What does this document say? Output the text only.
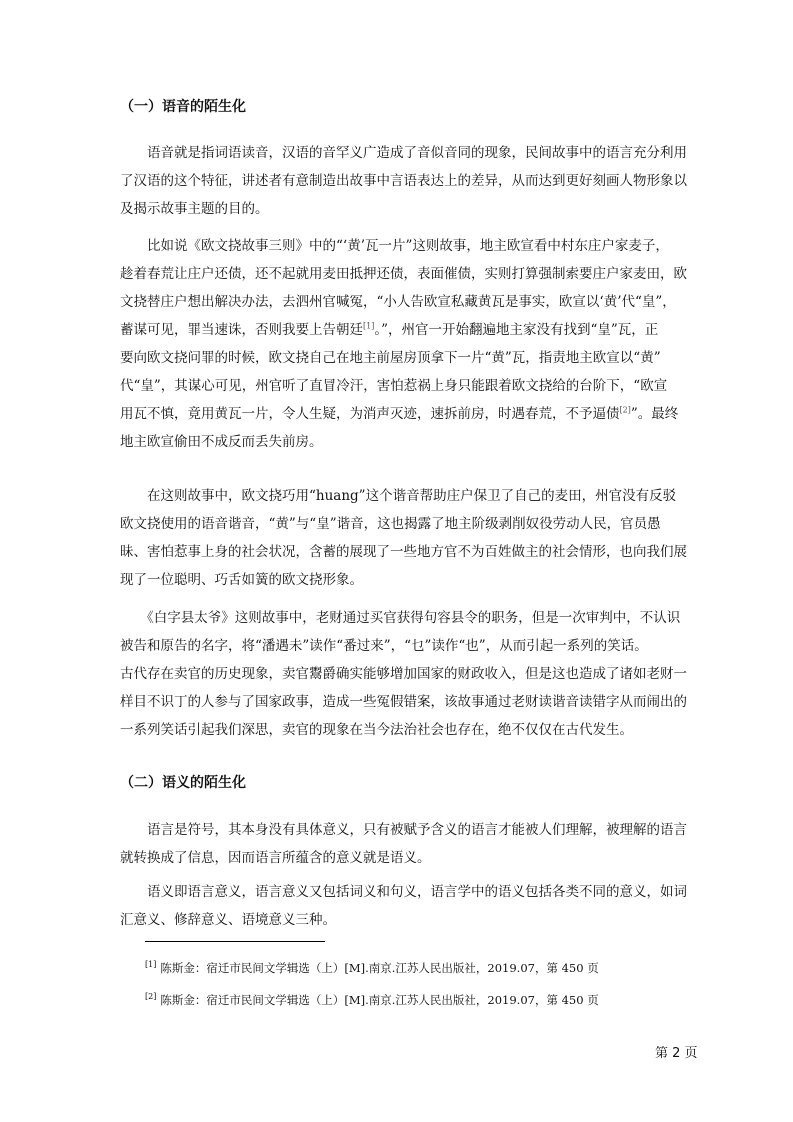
（一）语音的陌生化
　　语音就是指词语读音，汉语的音罕义广造成了音似音同的现象，民间故事中的语言充分利用
了汉语的这个特征，讲述者有意制造出故事中言语表达上的差异，从而达到更好刻画人物形象以
及揭示故事主题的目的。
　　比如说《欧文挠故事三则》中的“‘黄’瓦一片”这则故事，地主欧宣看中村东庄户家麦子，
趁着春荒让庄户还债，还不起就用麦田抵押还债，表面催债，实则打算强制索要庄户家麦田，欧
文挠替庄户想出解决办法，去泗州官喊冤，“小人告欧宣私藏黄瓦是事实，欧宣以‘黄’代“皇”，
蓄谋可见，罪当速诛，否则我要上告朝廷[1]。”，州官一开始翻遍地主家没有找到“皇”瓦，正
要向欧文挠问罪的时候，欧文挠自己在地主前屋房顶拿下一片“黄”瓦，指责地主欧宣以“黄”
代“皇”，其谋心可见，州官听了直冒冷汗，害怕惹祸上身只能跟着欧文挠给的台阶下，“欧宣
用瓦不慎，竟用黄瓦一片，令人生疑，为消声灭迹，速拆前房，时遇春荒，不予逼债[2]”。最终
地主欧宣偷田不成反而丢失前房。
　　在这则故事中，欧文挠巧用“huang”这个谐音帮助庄户保卫了自己的麦田，州官没有反驳
欧文挠使用的语音谐音，“黄”与“皇”谐音，这也揭露了地主阶级剥削奴役劳动人民，官员愚
昧、害怕惹事上身的社会状况，含蓄的展现了一些地方官不为百姓做主的社会情形，也向我们展
现了一位聪明、巧舌如簧的欧文挠形象。
　　《白字县太爷》这则故事中，老财通过买官获得句容县令的职务，但是一次审判中，不认识
被告和原告的名字，将“潘遇未”读作“番过来”，“乜”读作“也”，从而引起一系列的笑话。
古代存在卖官的历史现象，卖官鬻爵确实能够增加国家的财政收入，但是这也造成了诸如老财一
样目不识丁的人参与了国家政事，造成一些冤假错案，该故事通过老财读谐音读错字从而闹出的
一系列笑话引起我们深思，卖官的现象在当今法治社会也存在，绝不仅仅在古代发生。
（二）语义的陌生化
　　语言是符号，其本身没有具体意义，只有被赋予含义的语言才能被人们理解，被理解的语言
就转换成了信息，因而语言所蕴含的意义就是语义。
　　语义即语言意义，语言意义又包括词义和句义，语言学中的语义包括各类不同的意义，如词
汇意义、修辞意义、语境意义三种。
[1] 陈斯金：宿迁市民间文学辑选（上）[M].南京.江苏人民出版社，2019.07，第 450 页
[2] 陈斯金：宿迁市民间文学辑选（上）[M].南京.江苏人民出版社，2019.07，第 450 页
第 2 页
